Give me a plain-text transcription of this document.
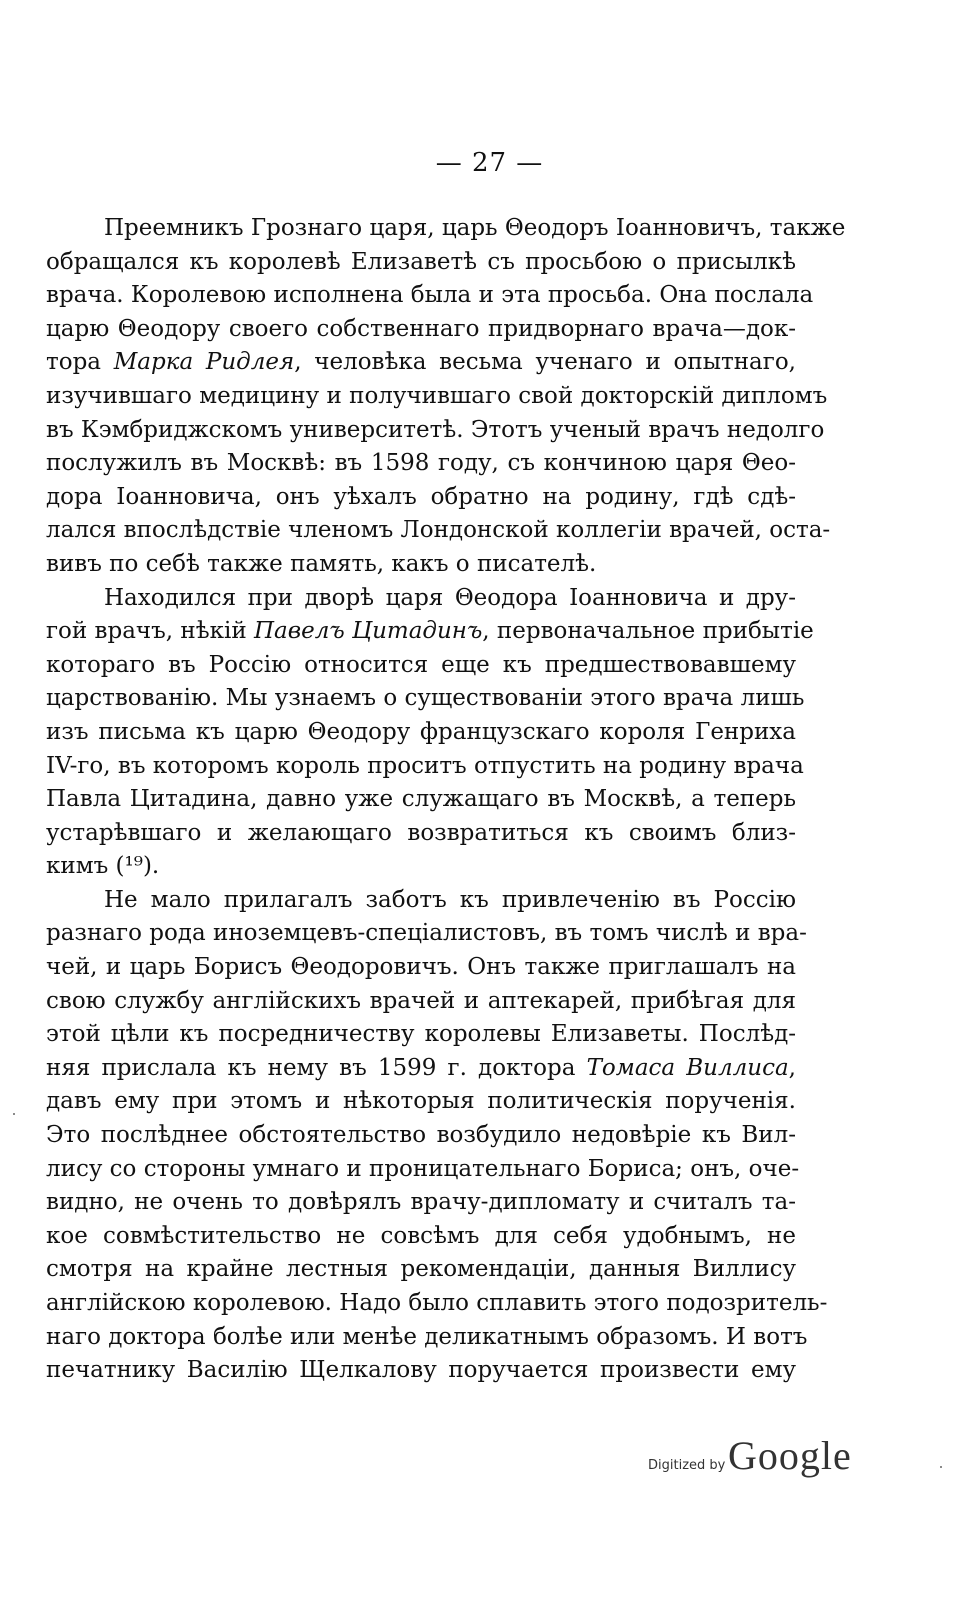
— 27 —
Преемникъ Грознаго царя, царь Θеодоръ Іоанновичъ, также
обращался къ королевѣ Елизаветѣ съ просьбою о присылкѣ
врача. Королевою исполнена была и эта просьба. Она послала
царю Θеодору своего собственнаго придворнаго врача—док-
тора Марка Ридлея, человѣка весьма ученаго и опытнаго,
изучившаго медицину и получившаго свой докторскій дипломъ
въ Кэмбриджскомъ университетѣ. Этотъ ученый врачъ недолго
послужилъ въ Москвѣ: въ 1598 году, съ кончиною царя Θео-
дора Іоанновича, онъ уѣхалъ обратно на родину, гдѣ сдѣ-
лался впослѣдствіе членомъ Лондонской коллегіи врачей, оста-
вивъ по себѣ также память, какъ о писателѣ.
Находился при дворѣ царя Θеодора Іоанновича и дру-
гой врачъ, нѣкій Павелъ Цитадинъ, первоначальное прибытіе
котораго въ Россію относится еще къ предшествовавшему
царствованію. Мы узнаемъ о существованіи этого врача лишь
изъ письма къ царю Θеодору французскаго короля Генриха
IV-го, въ которомъ король проситъ отпустить на родину врача
Павла Цитадина, давно уже служащаго въ Москвѣ, а теперь
устарѣвшаго и желающаго возвратиться къ своимъ близ-
кимъ (¹⁹).
Не мало прилагалъ заботъ къ привлеченію въ Россію
разнаго рода иноземцевъ-спеціалистовъ, въ томъ числѣ и вра-
чей, и царь Борисъ Θеодоровичъ. Онъ также приглашалъ на
свою службу англійскихъ врачей и аптекарей, прибѣгая для
этой цѣли къ посредничеству королевы Елизаветы. Послѣд-
няя прислала къ нему въ 1599 г. доктора Томаса Виллиса,
давъ ему при этомъ и нѣкоторыя политическія порученія.
Это послѣднее обстоятельство возбудило недовѣріе къ Вил-
лису со стороны умнаго и проницательнаго Бориса; онъ, оче-
видно, не очень то довѣрялъ врачу-дипломату и считалъ та-
кое совмѣстительство не совсѣмъ для себя удобнымъ, не
смотря на крайне лестныя рекомендаціи, данныя Виллису
англійскою королевою. Надо было сплавить этого подозритель-
наго доктора болѣе или менѣе деликатнымъ образомъ. И вотъ
печатнику Василію Щелкалову поручается произвести ему
Digitized by Google
